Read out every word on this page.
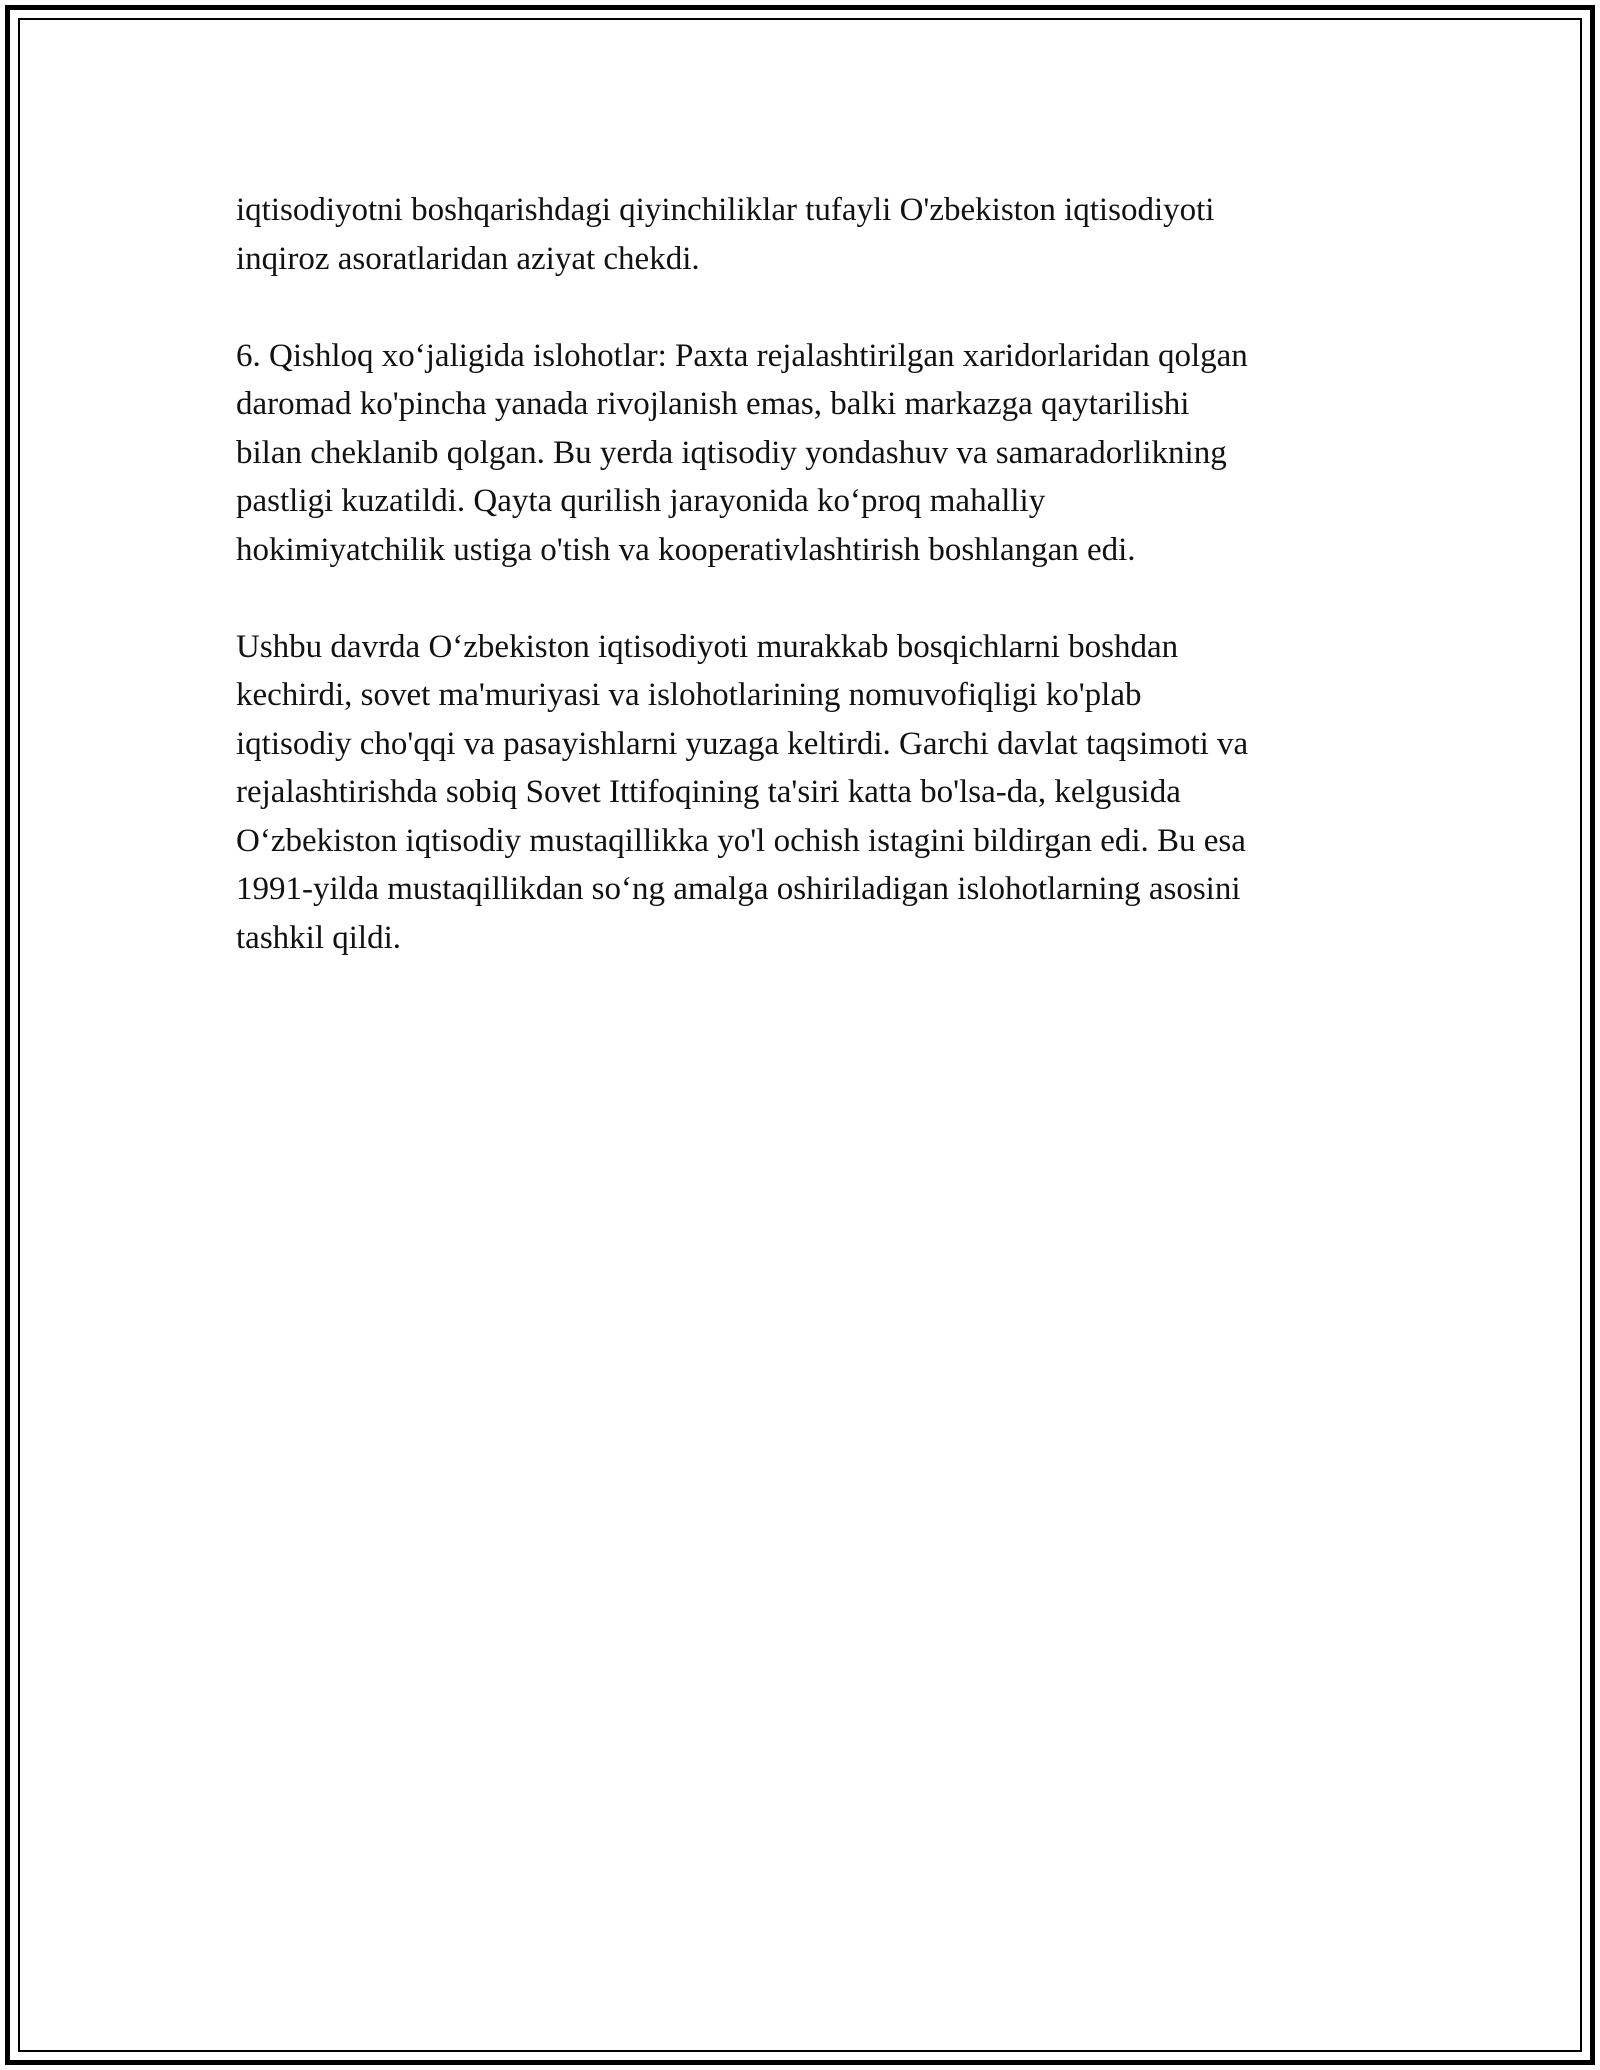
iqtisodiyotni boshqarishdagi qiyinchiliklar tufayli O'zbekiston iqtisodiyoti
inqiroz asoratlaridan aziyat chekdi.

6. Qishloq xo‘jaligida islohotlar: Paxta rejalashtirilgan xaridorlaridan qolgan
daromad ko'pincha yanada rivojlanish emas, balki markazga qaytarilishi
bilan cheklanib qolgan. Bu yerda iqtisodiy yondashuv va samaradorlikning
pastligi kuzatildi. Qayta qurilish jarayonida ko‘proq mahalliy
hokimiyatchilik ustiga o'tish va kooperativlashtirish boshlangan edi.

Ushbu davrda O‘zbekiston iqtisodiyoti murakkab bosqichlarni boshdan
kechirdi, sovet ma'muriyasi va islohotlarining nomuvofiqligi ko'plab
iqtisodiy cho'qqi va pasayishlarni yuzaga keltirdi. Garchi davlat taqsimoti va
rejalashtirishda sobiq Sovet Ittifoqining ta'siri katta bo'lsa-da, kelgusida
O‘zbekiston iqtisodiy mustaqillikka yo'l ochish istagini bildirgan edi. Bu esa
1991-yilda mustaqillikdan so‘ng amalga oshiriladigan islohotlarning asosini
tashkil qildi.
